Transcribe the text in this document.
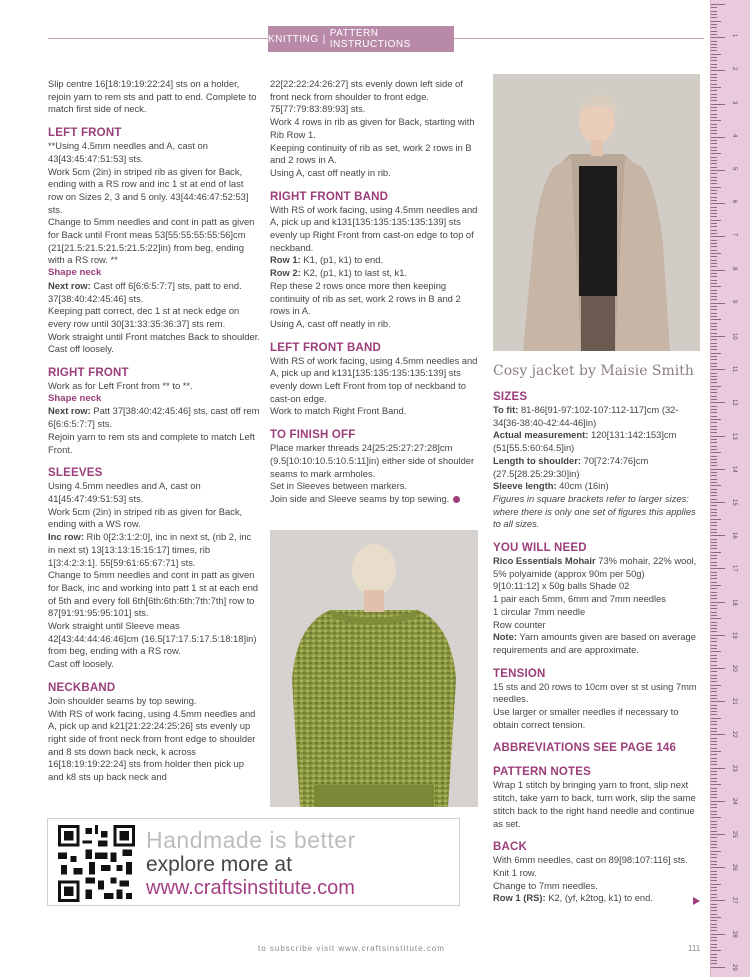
KNITTING | PATTERN INSTRUCTIONS

Slip centre 16[18:19:19:22:24] sts on a holder, rejoin yarn to rem sts and patt to end. Complete to match first side of neck.

LEFT FRONT

**Using 4.5mm needles and A, cast on 43[43:45:47:51:53] sts.

Work 5cm (2in) in striped rib as given for Back, ending with a RS row and inc 1 st at end of last row on Sizes 2, 3 and 5 only. 43[44:46:47:52:53] sts.

Change to 5mm needles and cont in patt as given for Back until Front meas 53[55:55:55:55:56]cm (21[21.5:21.5:21.5:21.5:22]in) from beg, ending with a RS row. **

Shape neck

Next row: Cast off 6[6:6:5:7:7] sts, patt to end. 37[38:40:42:45:46] sts.

Keeping patt correct, dec 1 st at neck edge on every row until 30[31:33:35:36:37] sts rem.

Work straight until Front matches Back to shoulder. Cast off loosely.

RIGHT FRONT

Work as for Left Front from ** to **.

Shape neck

Next row: Patt 37[38:40:42:45:46] sts, cast off rem 6[6:6:5:7:7] sts.

Rejoin yarn to rem sts and complete to match Left Front.

SLEEVES

Using 4.5mm needles and A, cast on 41[45:47:49:51:53] sts.

Work 5cm (2in) in striped rib as given for Back, ending with a WS row.

Inc row: Rib 0[2:3:1:2:0], inc in next st, (rib 2, inc in next st) 13[13:13:15:15:17] times, rib 1[3:4:2:3:1]. 55[59:61:65:67:71] sts.

Change to 5mm needles and cont in patt as given for Back, inc and working into patt 1 st at each end of 5th and every foll 6th[6th:6th:6th:7th:7th] row to 87[91:91:95:95:101] sts.

Work straight until Sleeve meas 42[43:44:44:46:46]cm (16.5[17:17.5:17.5:18:18]in) from beg, ending with a RS row.

Cast off loosely.

NECKBAND

Join shoulder seams by top sewing.

With RS of work facing, using 4.5mm needles and A, pick up and k21[21:22:24:25:26] sts evenly up right side of front neck from front edge to shoulder and 8 sts down back neck, k across 16[18:19:19:22:24] sts from holder then pick up and k8 sts up back neck and

22[22:22:24:26:27] sts evenly down left side of front neck from shoulder to front edge. 75[77:79:83:89:93] sts.

Work 4 rows in rib as given for Back, starting with Rib Row 1.

Keeping continuity of rib as set, work 2 rows in B and 2 rows in A.

Using A, cast off neatly in rib.

RIGHT FRONT BAND

With RS of work facing, using 4.5mm needles and A, pick up and k131[135:135:135:135:139] sts evenly up Right Front from cast-on edge to top of neckband.

Row 1: K1, (p1, k1) to end.

Row 2: K2, (p1, k1) to last st, k1.

Rep these 2 rows once more then keeping continuity of rib as set, work 2 rows in B and 2 rows in A.

Using A, cast off neatly in rib.

LEFT FRONT BAND

With RS of work facing, using 4.5mm needles and A, pick up and k131[135:135:135:135:139] sts evenly down Left Front from top of neckband to cast-on edge.

Work to match Right Front Band.

TO FINISH OFF

Place marker threads 24[25:25:27:27:28]cm (9.5[10:10:10.5:10.5:11]in) either side of shoulder seams to mark armholes.

Set in Sleeves between markers.

Join side and Sleeve seams by top sewing.

Cosy jacket by Maisie Smith
SIZES

To fit: 81-86[91-97:102-107:112-117]cm (32-34[36-38:40-42:44-46]in)

Actual measurement: 120[131:142:153]cm (51[55.5:60:64.5]in)

Length to shoulder: 70[72:74:76]cm (27.5[28.25:29:30]in)

Sleeve length: 40cm (16in)

Figures in square brackets refer to larger sizes: where there is only one set of figures this applies to all sizes.

YOU WILL NEED

Rico Essentials Mohair 73% mohair, 22% wool, 5% polyamide (approx 90m per 50g)

9[10:11:12] x 50g balls Shade 02

1 pair each 5mm, 6mm and 7mm needles

1 circular 7mm needle

Row counter

Note: Yarn amounts given are based on average requirements and are approximate.

TENSION

15 sts and 20 rows to 10cm over st st using 7mm needles.

Use larger or smaller needles if necessary to obtain correct tension.

ABBREVIATIONS SEE PAGE 146
PATTERN NOTES

Wrap 1 stitch by bringing yarn to front, slip next stitch, take yarn to back, turn work, slip the same stitch back to the right hand needle and continue as set.

BACK

With 6mm needles, cast on 89[98:107:116] sts.

Knit 1 row.

Change to 7mm needles.

Row 1 (RS): K2, (yf, k2tog, k1) to end.

Handmade is better
explore more at
www.craftsinstitute.com
to subscribe visit www.craftsinstitute.com	111
1
2
3
4
5
6
7
8
9
10
11
12
13
14
15
16
17
18
19
20
21
22
23
24
25
26
27
28
29
